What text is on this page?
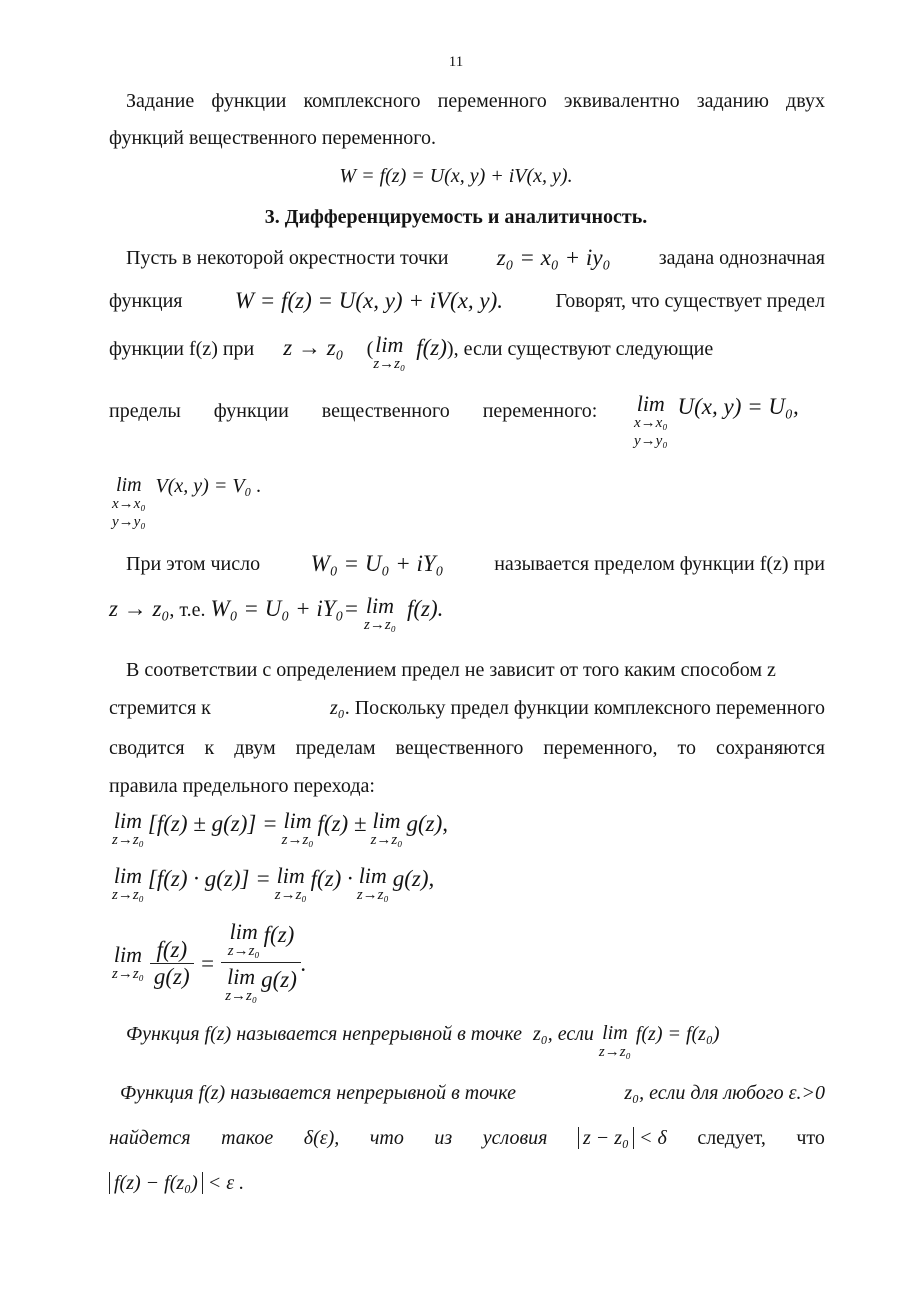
11
Задание функции комплексного переменного эквивалентно заданию двух
функций вещественного переменного.
W = f(z) = U(x, y) + iV(x, y).
3. Дифференцируемость и аналитичность.
Пусть в некоторой окрестности точки z₀ = x₀ + iy₀ задана однозначная
функция W = f(z) = U(x, y) + iV(x, y).	Говорят, что существует предел
функции f(z) при z → z₀ ( lim
z→z₀
f(z)), если существуют следующие
пределы функции вещественного переменного:	lim
x→x₀
y→y₀
U(x, y) = U₀,
lim
x→x₀
y→y₀
V(x, y) = V₀ .
При этом число W₀ = U₀ + iY₀	называется пределом функции f(z) при
z → z₀, т.е. W₀ = U₀ + iY₀= lim
z→z₀
f(z).
В соответствии с определением предел не зависит от того каким способом z
стремится к	z₀. Поскольку предел функции комплексного переменного
сводится к двум пределам вещественного переменного, то сохраняются
правила предельного перехода:
lim
z→z₀
[f(z) ± g(z)] = lim
z→z₀
f(z) ± lim
z→z₀
g(z),
lim
z→z₀
[f(z) · g(z)] = lim
z→z₀
f(z) · lim
z→z₀
g(z),
lim
$z\to z_0 \frac{f(z)}{g(z)} = \lim$
z→z₀
f(z)
lim
z→z₀
g(z) .
Функция f(z) называется непрерывной в точке z₀, если lim
z→z₀
f(z) = f(z₀)
Функция f(z) называется непрерывной в точке	z₀, если для любого ε.>0
найдется такое δ(ε), что из условия z − z₀ < δ следует, что
f(z) − f(z₀) < ε .
